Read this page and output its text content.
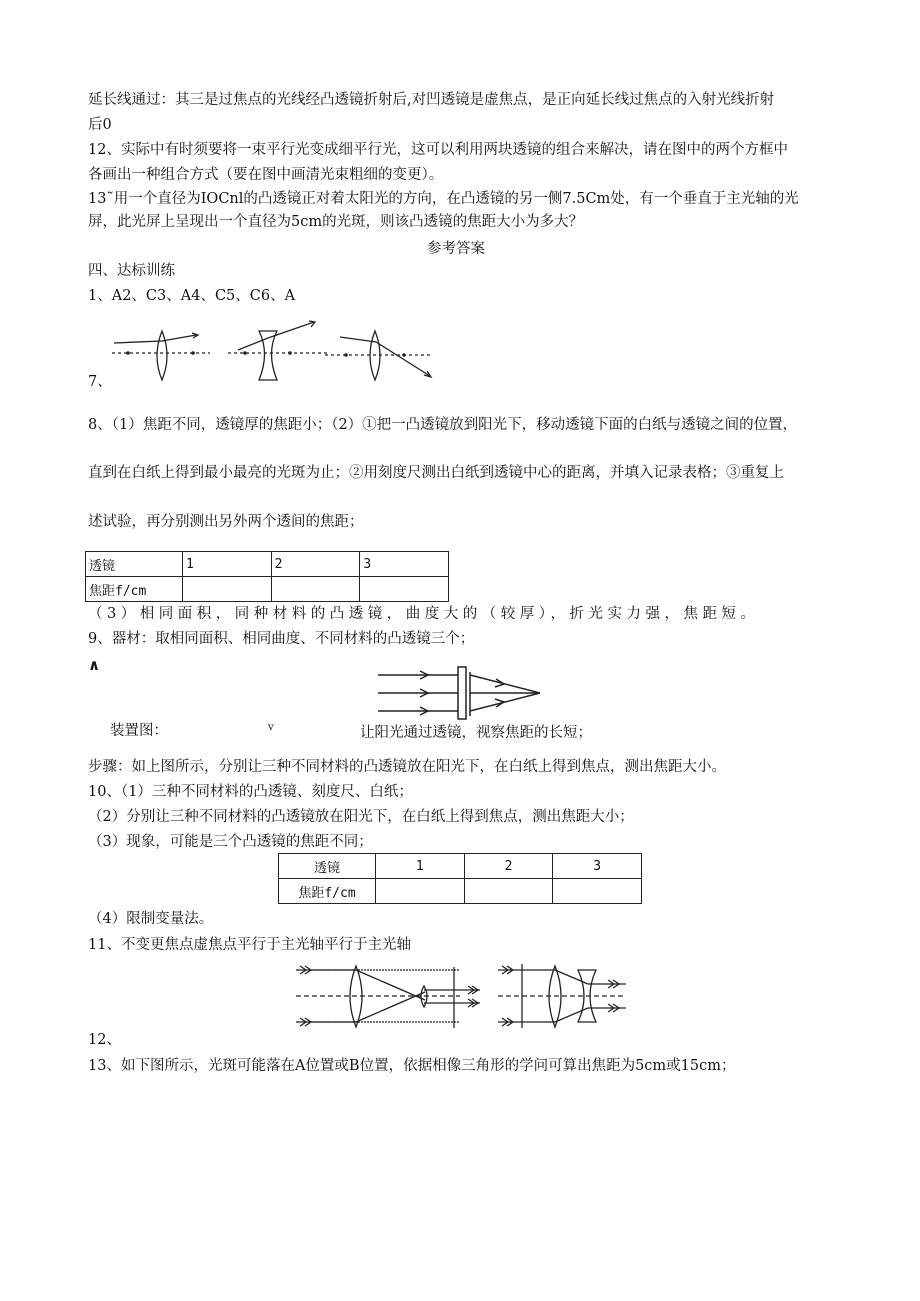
延长线通过：其三是过焦点的光线经凸透镜折射后,对凹透镜是虚焦点，是正向延长线过焦点的入射光线折射
后0
12、实际中有时须要将一束平行光变成细平行光，这可以利用两块透镜的组合来解决，请在图中的两个方框中
各画出一种组合方式（要在图中画清光束粗细的变更）。
13˜用一个直径为IOCnl的凸透镜正对着太阳光的方向，在凸透镜的另一侧7.5Cm处，有一个垂直于主光轴的光
屏，此光屏上呈现出一个直径为5cm的光斑，则该凸透镜的焦距大小为多大？
参考答案
四、达标训练
1、A2、C3、A4、C5、C6、A
7、
8、（1）焦距不同，透镜厚的焦距小；（2）①把一凸透镜放到阳光下，移动透镜下面的白纸与透镜之间的位置，
直到在白纸上得到最小最亮的光斑为止；②用刻度尺测出白纸到透镜中心的距离，并填入记录表格；③重复上
述试验，再分别测出另外两个透间的焦距；
透镜	1	2	3
焦距f/cm			
（3）相同面积，同种材料的凸透镜，曲度大的（较厚），折光实力强，焦距短。
9、器材：取相同面积、相同曲度、不同材料的凸透镜三个；
∧
装置图：	v	让阳光通过透镜，视察焦距的长短；
步骤：如上图所示，分别让三种不同材料的凸透镜放在阳光下，在白纸上得到焦点，测出焦距大小。
10、（1）三种不同材料的凸透镜、刻度尺、白纸；
（2）分别让三种不同材料的凸透镜放在阳光下，在白纸上得到焦点，测出焦距大小；
（3）现象，可能是三个凸透镜的焦距不同；
透镜	1	2	3
焦距f/cm			
（4）限制变量法。
11、不变更焦点虚焦点平行于主光轴平行于主光轴
12、
13、如下图所示，光斑可能落在A位置或B位置，依据相像三角形的学问可算出焦距为5cm或15cm；
